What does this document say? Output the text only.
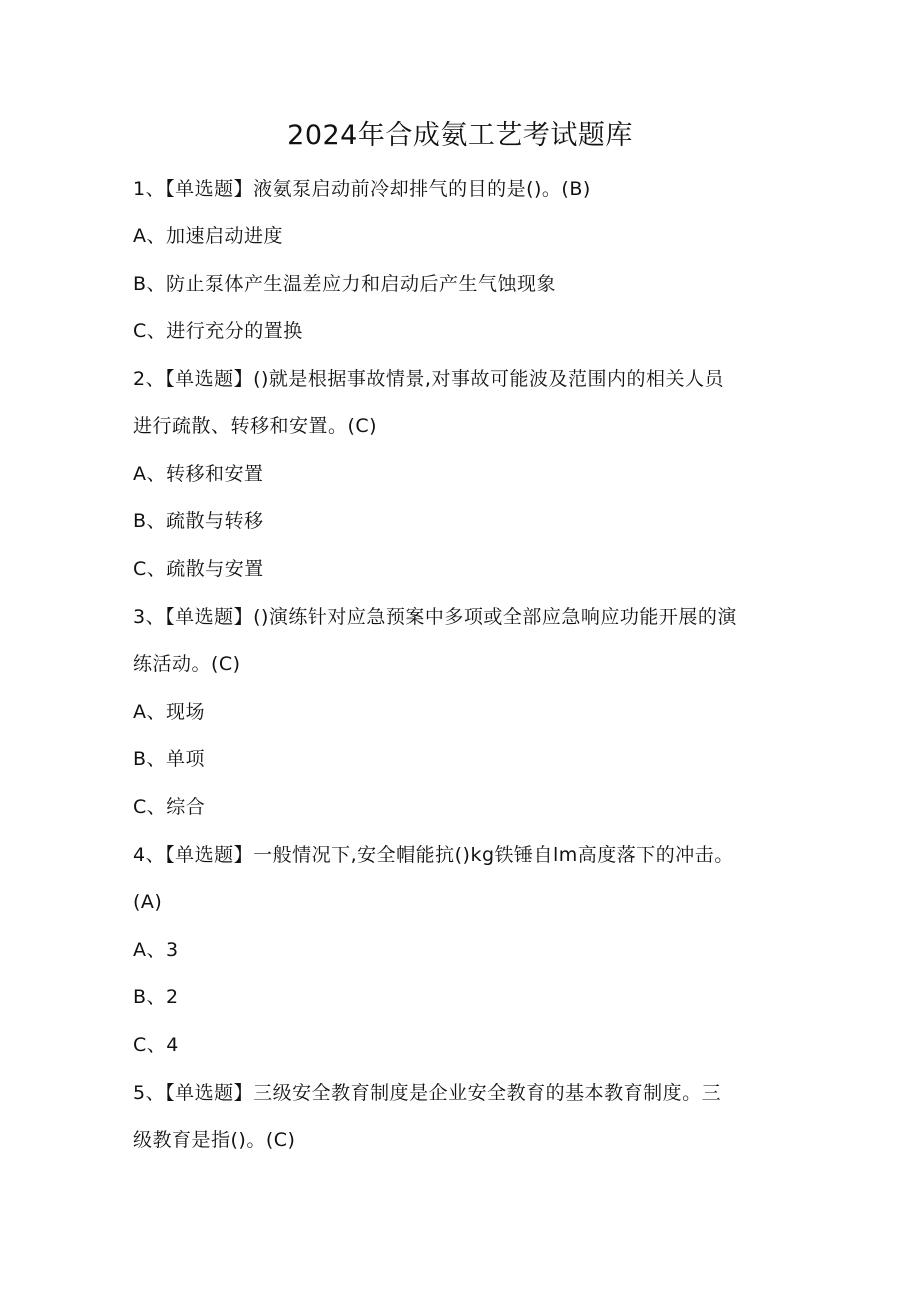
2024年合成氨工艺考试题库
1、【单选题】液氨泵启动前冷却排气的目的是()。(B)
A、加速启动进度
B、防止泵体产生温差应力和启动后产生气蚀现象
C、进行充分的置换
2、【单选题】()就是根据事故情景,对事故可能波及范围内的相关人员
进行疏散、转移和安置。(C)
A、转移和安置
B、疏散与转移
C、疏散与安置
3、【单选题】()演练针对应急预案中多项或全部应急响应功能开展的演
练活动。(C)
A、现场
B、单项
C、综合
4、【单选题】一般情况下,安全帽能抗()kg铁锤自lm高度落下的冲击。
(A)
A、3
B、2
C、4
5、【单选题】三级安全教育制度是企业安全教育的基本教育制度。三
级教育是指()。(C)
